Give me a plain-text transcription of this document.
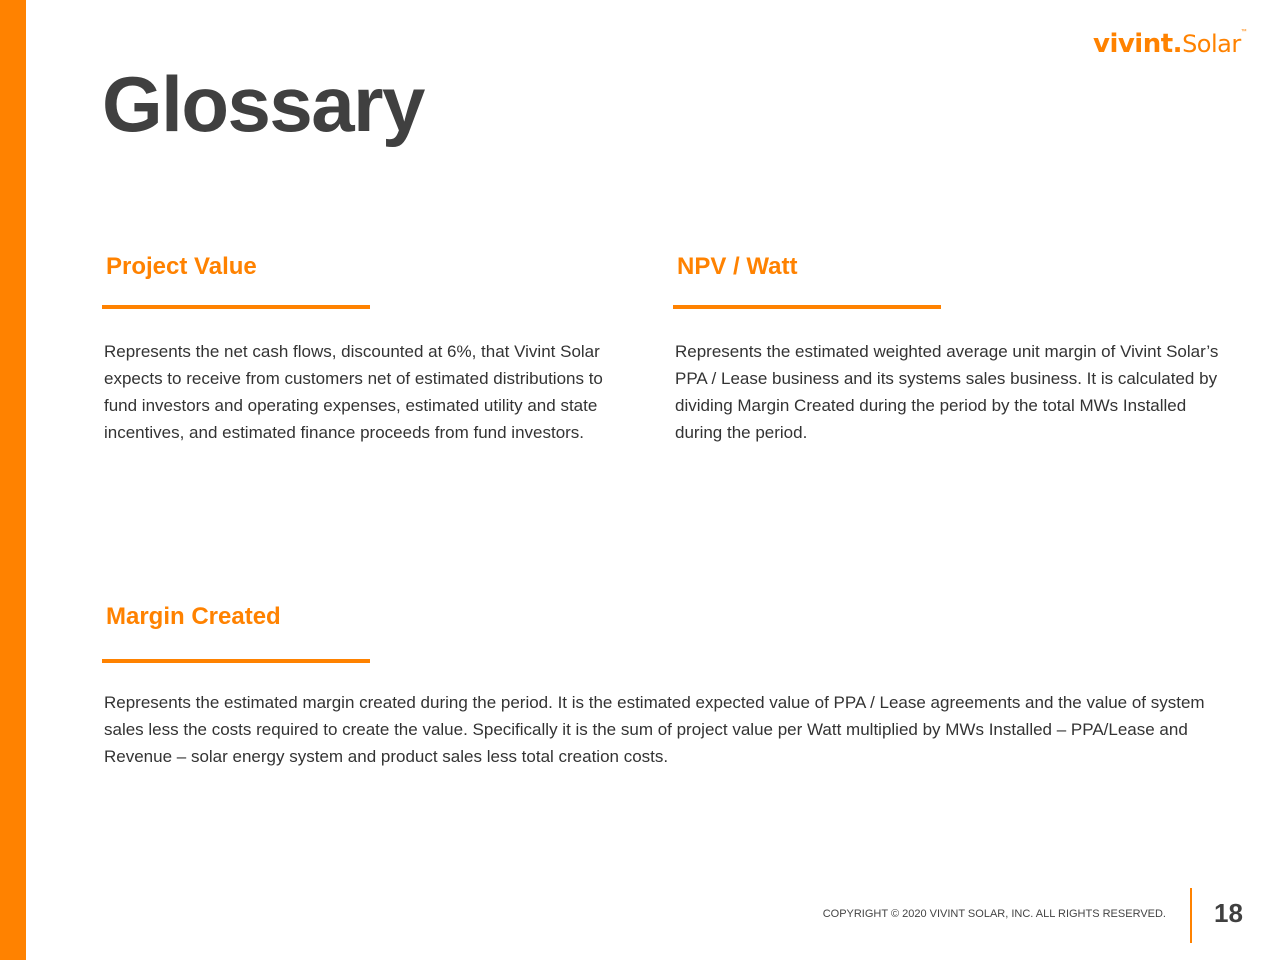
vivint.Solar™
Glossary
Project Value

Represents the net cash flows, discounted at 6%, that Vivint Solar expects to receive from customers net of estimated distributions to fund investors and operating expenses, estimated utility and state incentives, and estimated finance proceeds from fund investors.

NPV / Watt

Represents the estimated weighted average unit margin of Vivint Solar’s PPA / Lease business and its systems sales business. It is calculated by dividing Margin Created during the period by the total MWs Installed during the period.

Margin Created

Represents the estimated margin created during the period. It is the estimated expected value of PPA / Lease agreements and the value of system sales less the costs required to create the value. Specifically it is the sum of project value per Watt multiplied by MWs Installed – PPA/Lease and Revenue – solar energy system and product sales less total creation costs.

COPYRIGHT © 2020 VIVINT SOLAR, INC. ALL RIGHTS RESERVED. 18
